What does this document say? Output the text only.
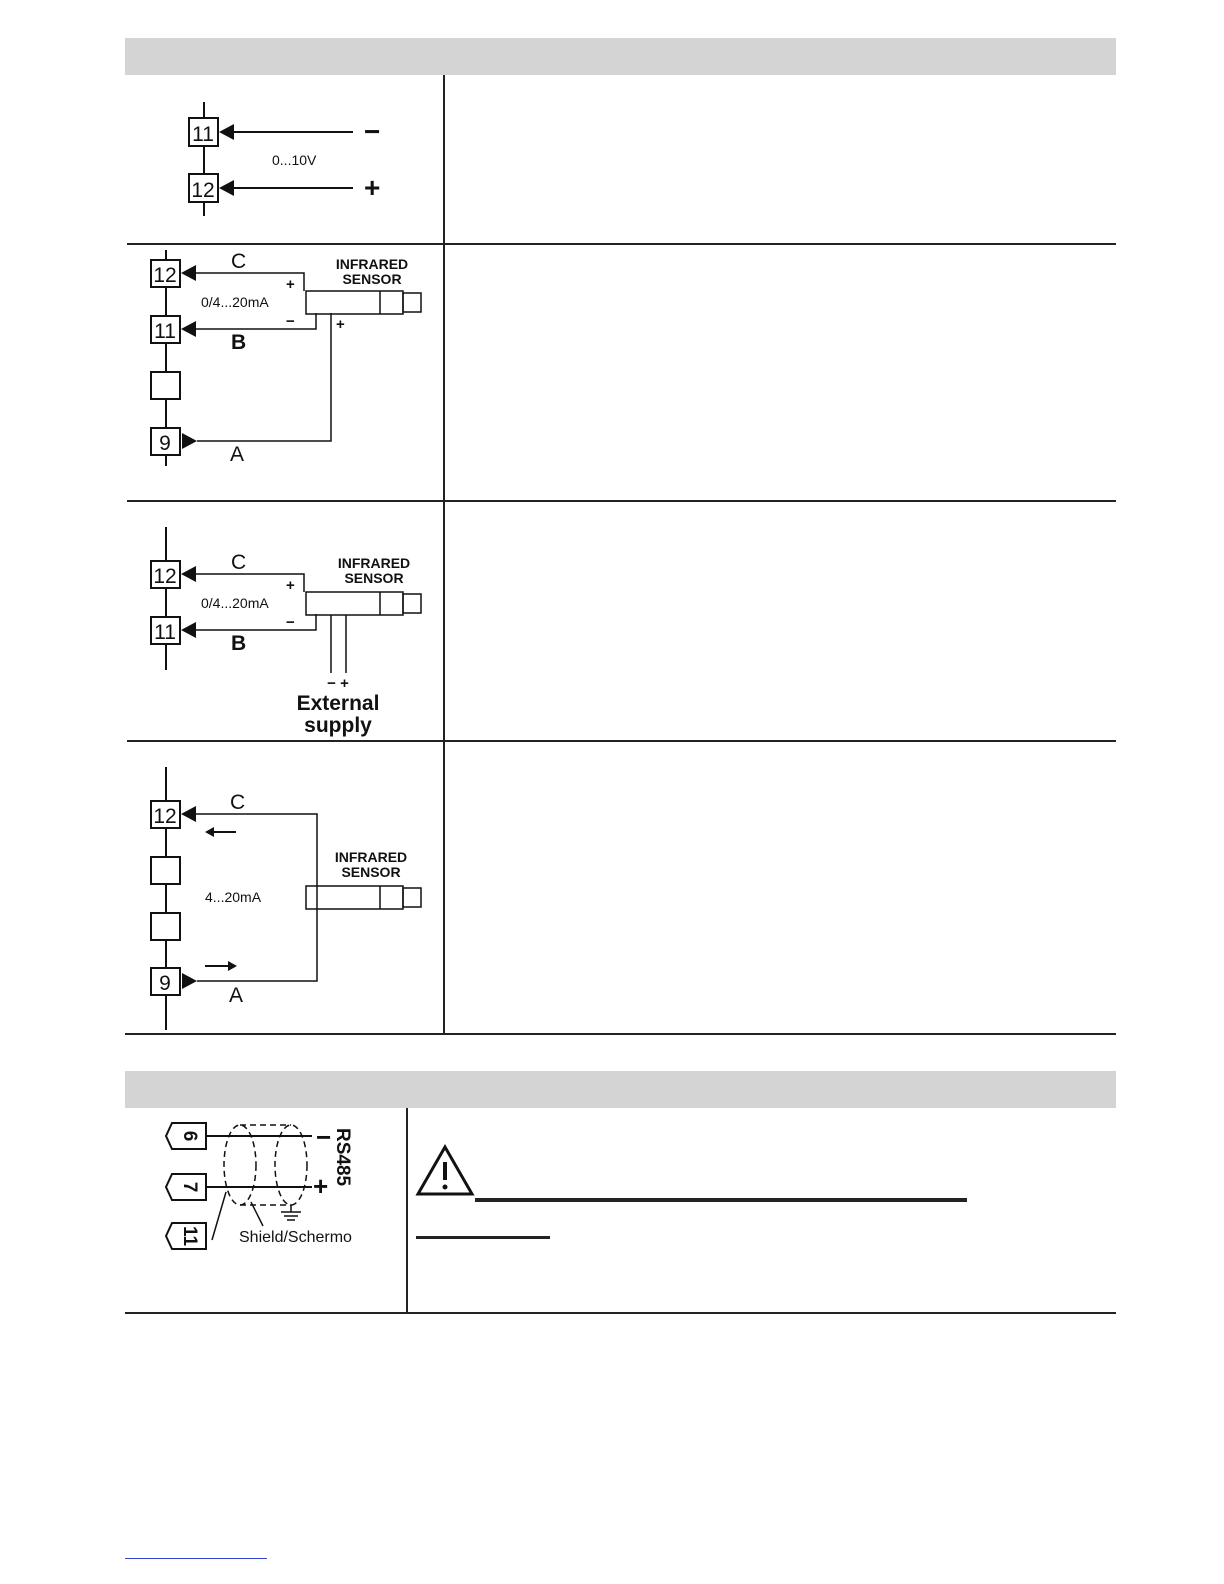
11
12
0...10V
−
+
12
11
9
C
B
A
0/4...20mA
INFRARED
SENSOR
+
−	+
12
11
C
B
0/4...20mA
INFRARED
SENSOR
+
−
− +
External
supply
12
9
C
A
4...20mA
INFRARED
SENSOR
6
7
11
−
+ RS485
Shield/Schermo
